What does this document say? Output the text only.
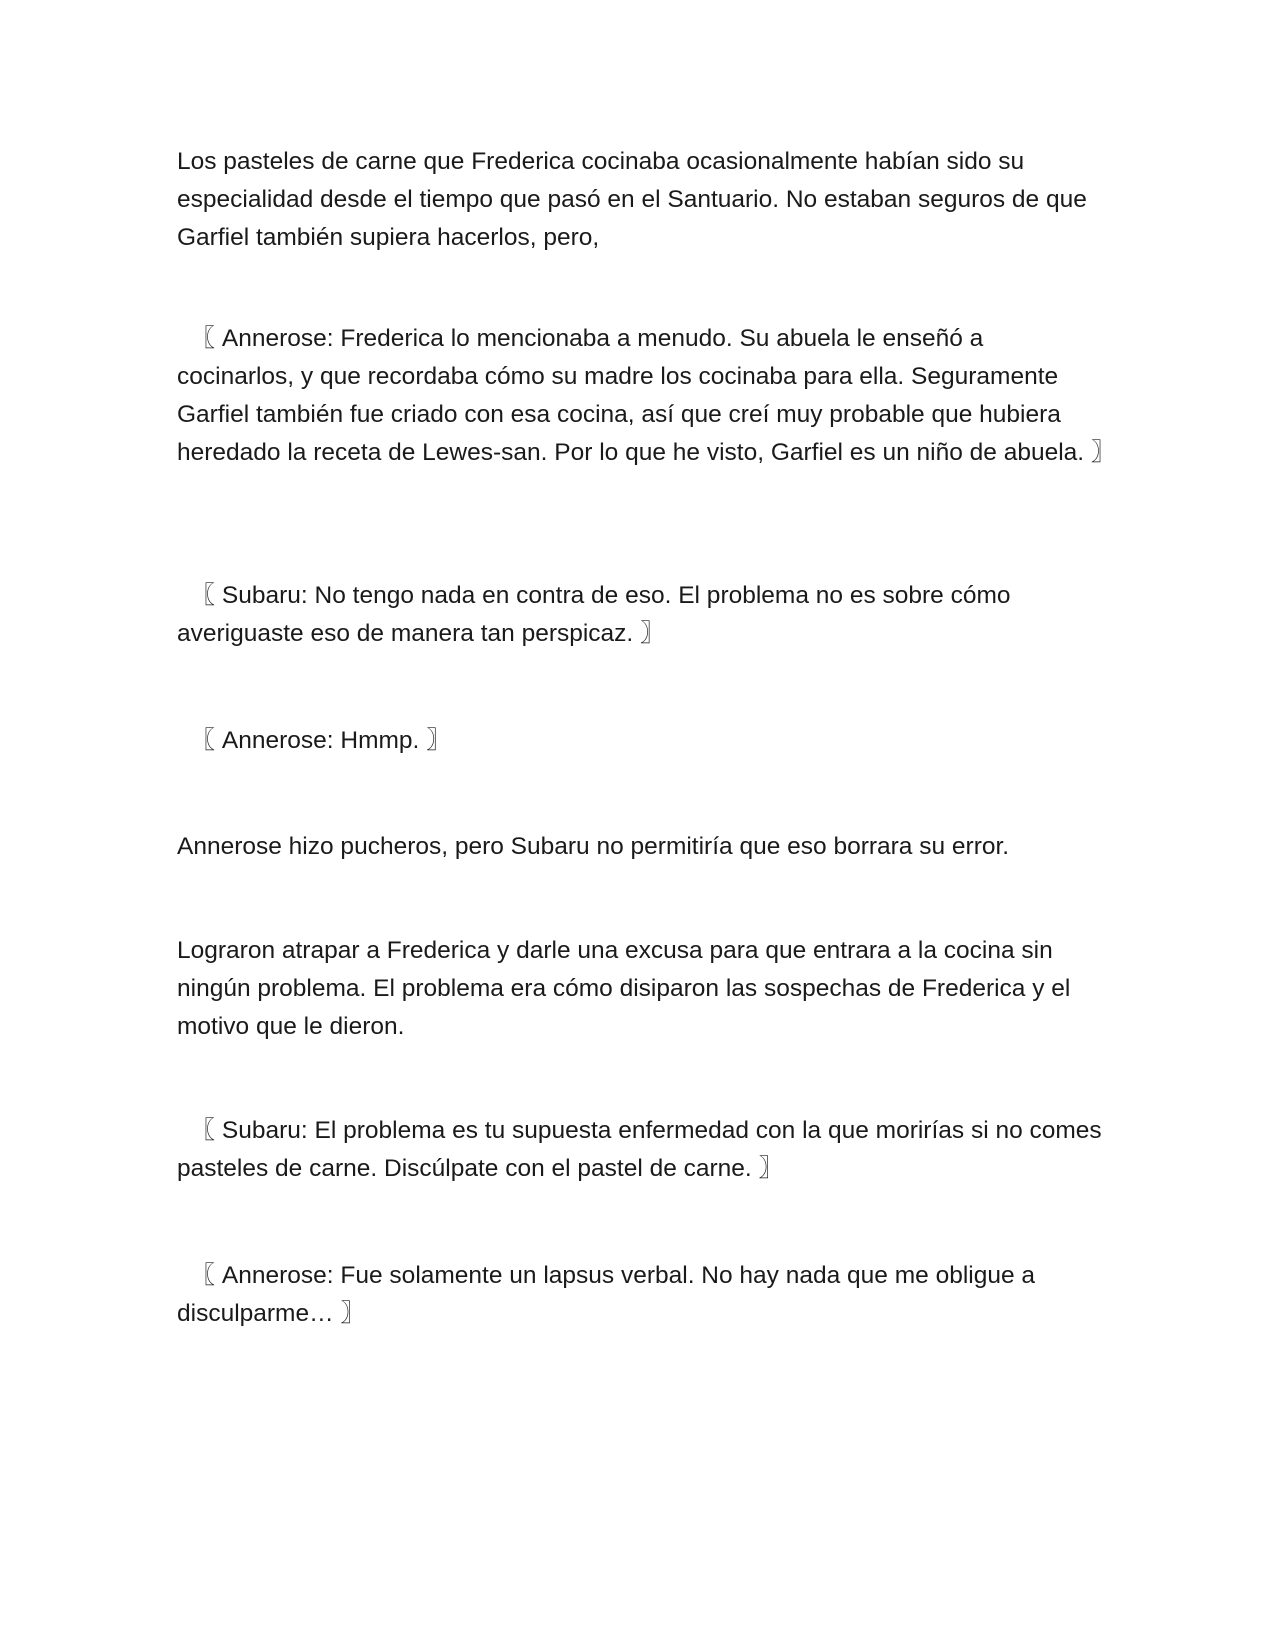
Los pasteles de carne que Frederica cocinaba ocasionalmente habían sido su especialidad desde el tiempo que pasó en el Santuario. No estaban seguros de que Garfiel también supiera hacerlos, pero,

〖 Annerose: Frederica lo mencionaba a menudo. Su abuela le enseñó a cocinarlos, y que recordaba cómo su madre los cocinaba para ella. Seguramente Garfiel también fue criado con esa cocina, así que creí muy probable que hubiera heredado la receta de Lewes-san. Por lo que he visto, Garfiel es un niño de abuela. 〗

〖 Subaru: No tengo nada en contra de eso. El problema no es sobre cómo averiguaste eso de manera tan perspicaz. 〗

〖 Annerose: Hmmp. 〗

Annerose hizo pucheros, pero Subaru no permitiría que eso borrara su error.

Lograron atrapar a Frederica y darle una excusa para que entrara a la cocina sin ningún problema. El problema era cómo disiparon las sospechas de Frederica y el motivo que le dieron.

〖 Subaru: El problema es tu supuesta enfermedad con la que morirías si no comes pasteles de carne. Discúlpate con el pastel de carne. 〗

〖 Annerose: Fue solamente un lapsus verbal. No hay nada que me obligue a disculparme… 〗
